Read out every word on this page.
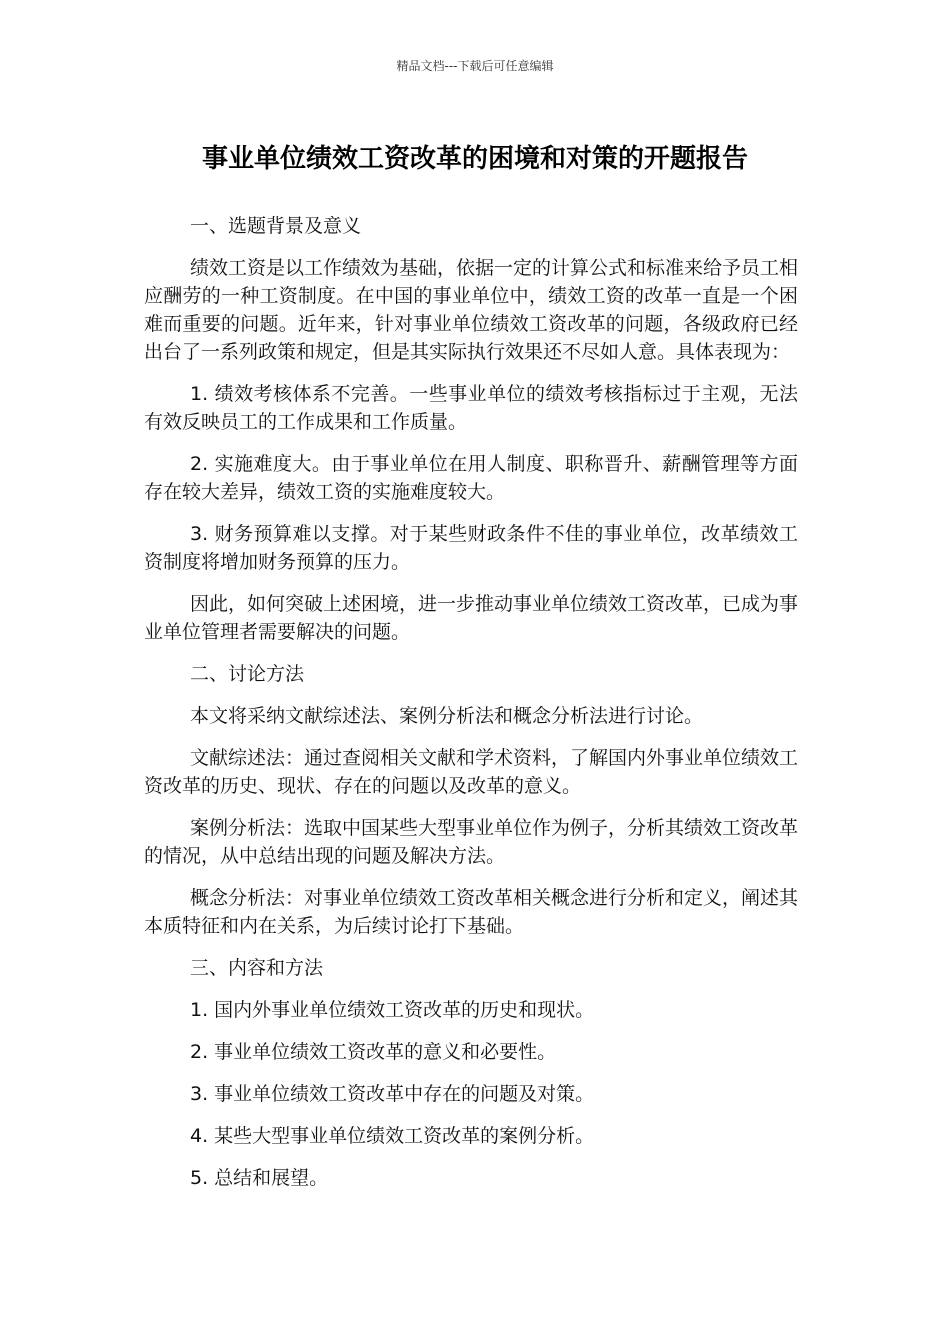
精品文档---下载后可任意编辑
事业单位绩效工资改革的困境和对策的开题报告

一、选题背景及意义

绩效工资是以工作绩效为基础，依据一定的计算公式和标准来给予员工相应酬劳的一种工资制度。在中国的事业单位中，绩效工资的改革一直是一个困难而重要的问题。近年来，针对事业单位绩效工资改革的问题，各级政府已经出台了一系列政策和规定，但是其实际执行效果还不尽如人意。具体表现为：

1. 绩效考核体系不完善。一些事业单位的绩效考核指标过于主观，无法有效反映员工的工作成果和工作质量。

2. 实施难度大。由于事业单位在用人制度、职称晋升、薪酬管理等方面存在较大差异，绩效工资的实施难度较大。

3. 财务预算难以支撑。对于某些财政条件不佳的事业单位，改革绩效工资制度将增加财务预算的压力。

因此，如何突破上述困境，进一步推动事业单位绩效工资改革，已成为事业单位管理者需要解决的问题。

二、讨论方法

本文将采纳文献综述法、案例分析法和概念分析法进行讨论。

文献综述法：通过查阅相关文献和学术资料，了解国内外事业单位绩效工资改革的历史、现状、存在的问题以及改革的意义。

案例分析法：选取中国某些大型事业单位作为例子，分析其绩效工资改革的情况，从中总结出现的问题及解决方法。

概念分析法：对事业单位绩效工资改革相关概念进行分析和定义，阐述其本质特征和内在关系，为后续讨论打下基础。

三、内容和方法

1. 国内外事业单位绩效工资改革的历史和现状。

2. 事业单位绩效工资改革的意义和必要性。

3. 事业单位绩效工资改革中存在的问题及对策。

4. 某些大型事业单位绩效工资改革的案例分析。

5. 总结和展望。
